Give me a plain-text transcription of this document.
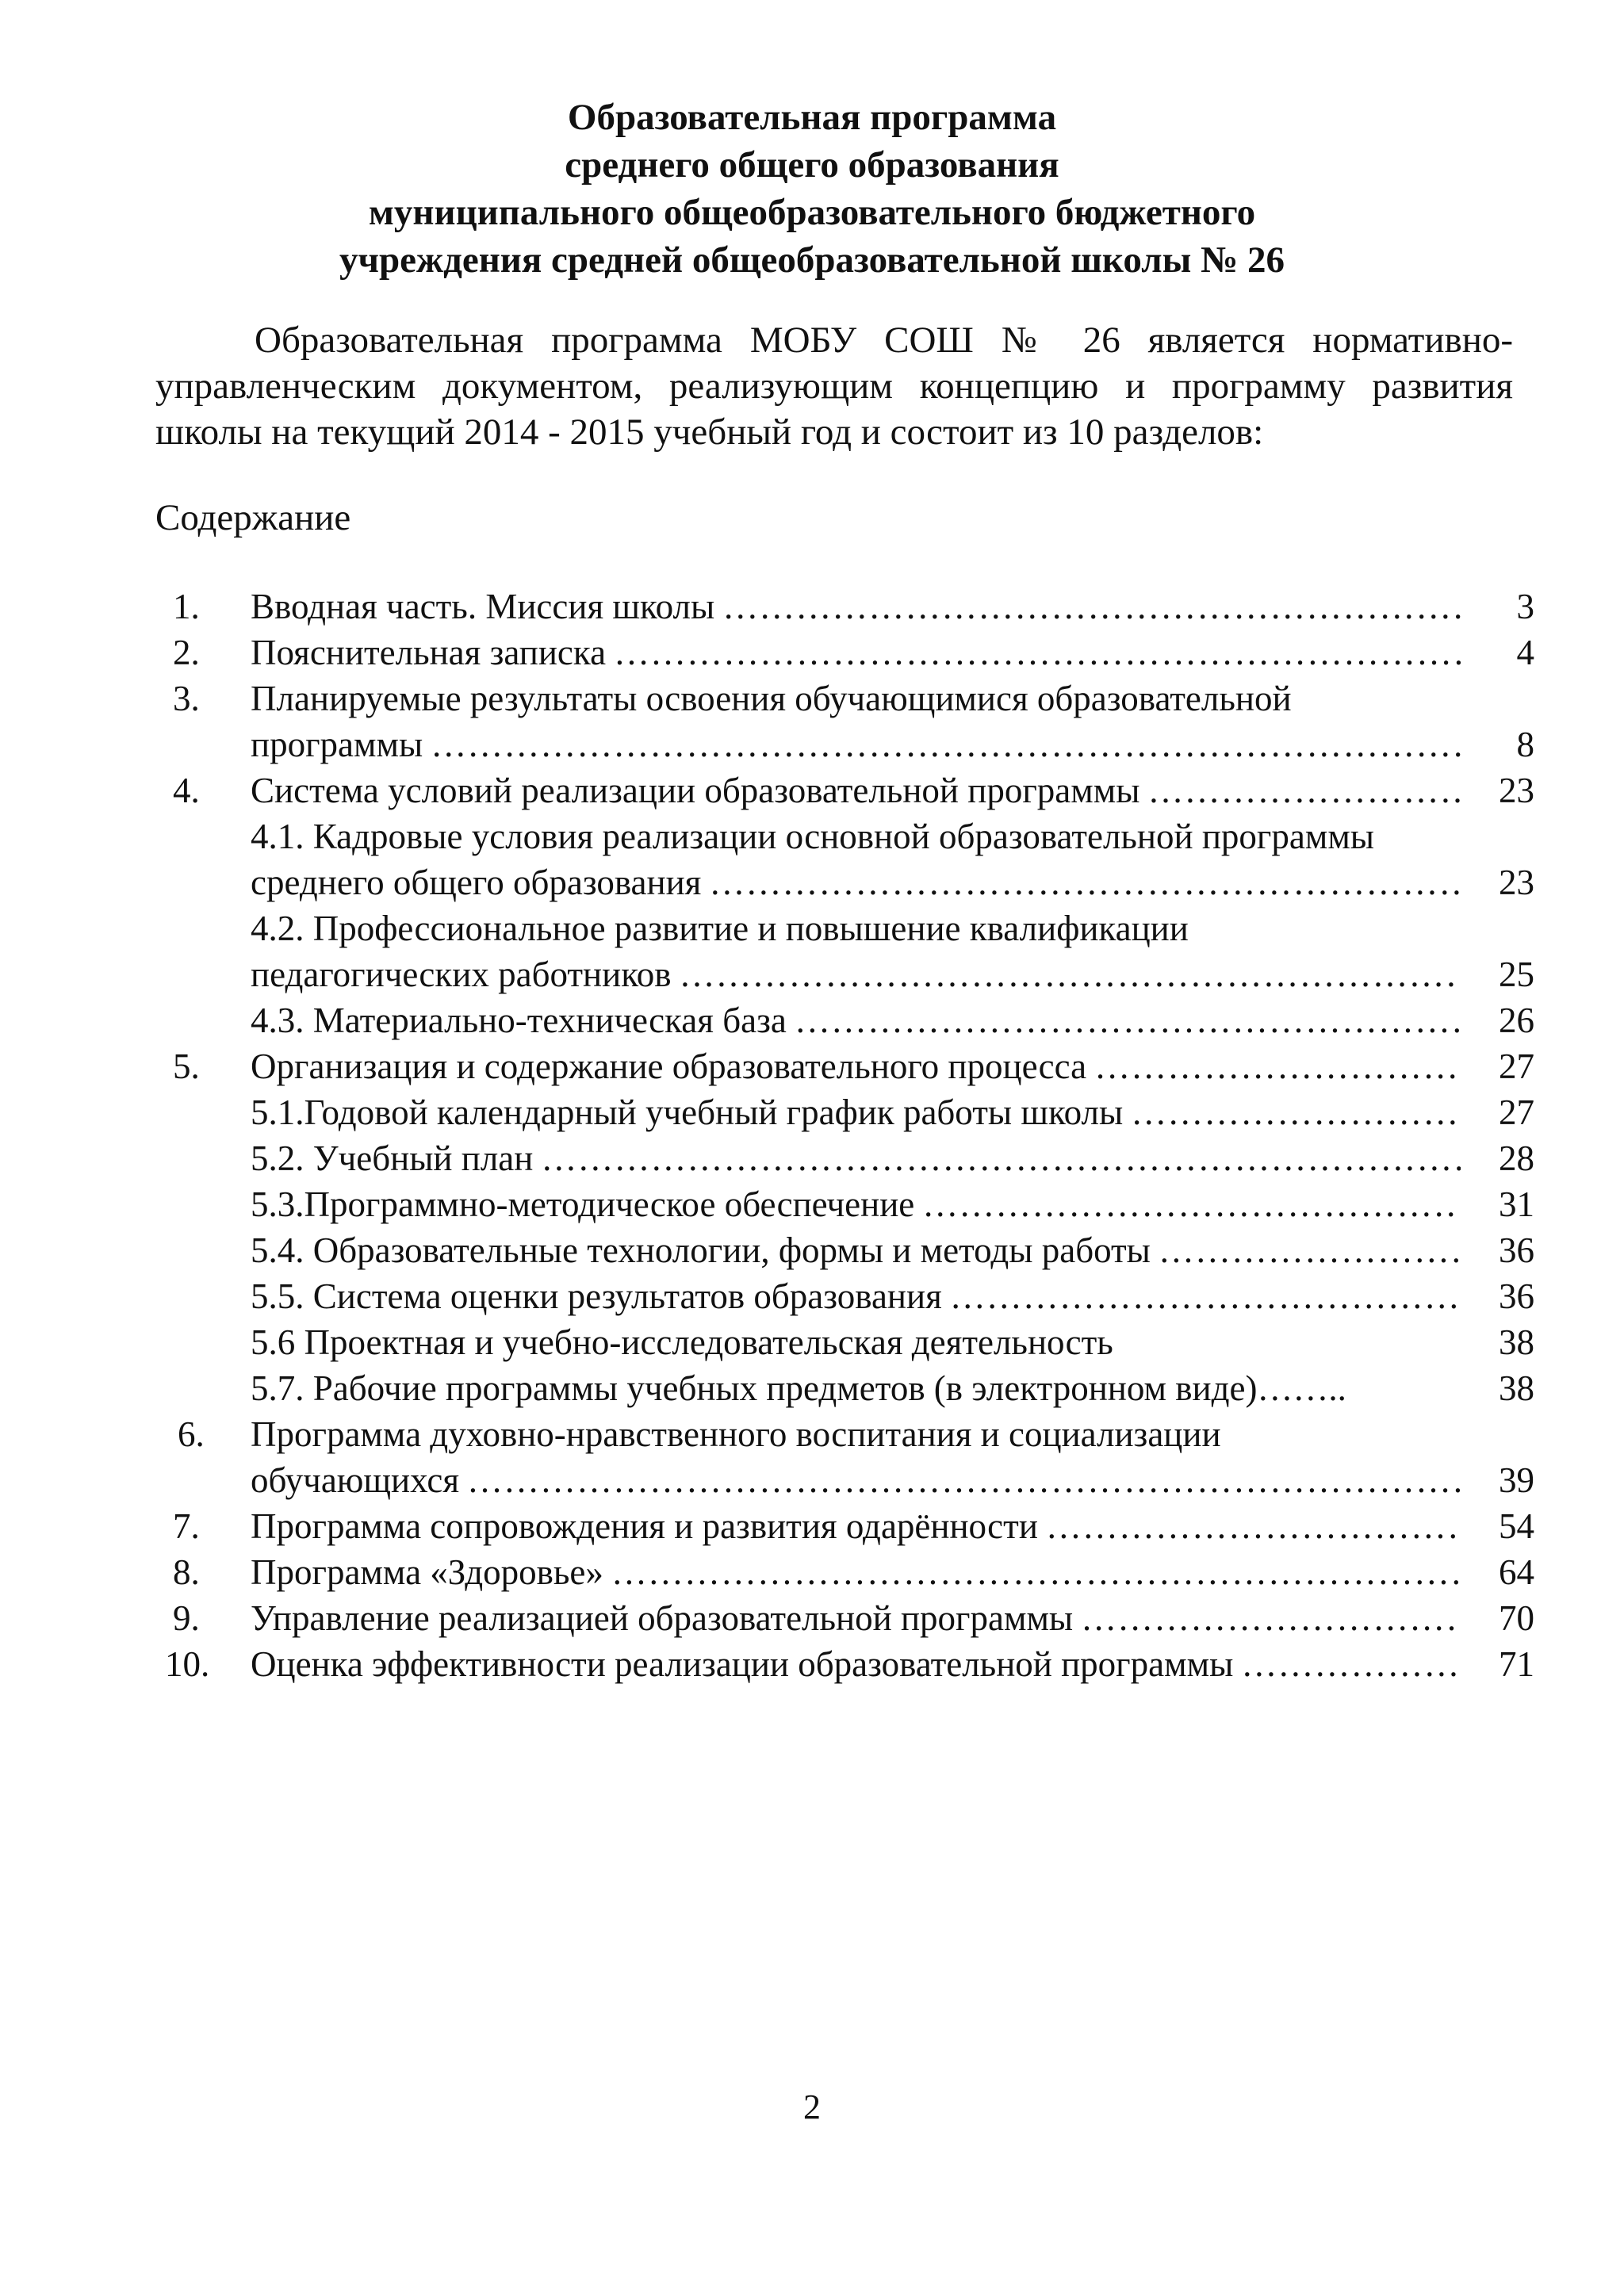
Образовательная программа
среднего общего образования
муниципального общеобразовательного бюджетного
учреждения средней общеобразовательной школы № 26
Образовательная программа МОБУ СОШ № 26 является нормативно-
управленческим документом, реализующим концепцию и программу развития
школы на текущий 2014 - 2015 учебный год и состоит из 10 разделов:
Содержание
1. Вводная часть. Миссия школы …………………………………………………………………………………………………………………………………………………………………………………………………………………………	3
2. Пояснительная записка …………………………………………………………………………………………………………………………………………………………………………………………………………………………	4
3. Планируемые результаты освоения обучающимися образовательной
программы …………………………………………………………………………………………………………………………………………………………………………………………………………………………	8
4. Система условий реализации образовательной программы …………………………………………………………………………………………………………………………………………………………………………………………………………………………	23
4.1. Кадровые условия реализации основной образовательной программы
среднего общего образования …………………………………………………………………………………………………………………………………………………………………………………………………………………………	23
4.2. Профессиональное развитие и повышение квалификации
педагогических работников …………………………………………………………………………………………………………………………………………………………………………………………………………………………	25
4.3. Материально-техническая база …………………………………………………………………………………………………………………………………………………………………………………………………………………………	26
5. Организация и содержание образовательного процесса …………………………………………………………………………………………………………………………………………………………………………………………………………………………	27
5.1.Годовой календарный учебный график работы школы …………………………………………………………………………………………………………………………………………………………………………………………………………………………	27
5.2. Учебный план …………………………………………………………………………………………………………………………………………………………………………………………………………………………	28
5.3.Программно-методическое обеспечение …………………………………………………………………………………………………………………………………………………………………………………………………………………………	31
5.4. Образовательные технологии, формы и методы работы …………………………………………………………………………………………………………………………………………………………………………………………………………………………	36
5.5. Система оценки результатов образования …………………………………………………………………………………………………………………………………………………………………………………………………………………………	36
5.6 Проектная и учебно-исследовательская деятельность	38
5.7. Рабочие программы учебных предметов (в электронном виде)……..	38
6. Программа духовно-нравственного воспитания и социализации
обучающихся …………………………………………………………………………………………………………………………………………………………………………………………………………………………	39
7. Программа сопровождения и развития одарённости …………………………………………………………………………………………………………………………………………………………………………………………………………………………	54
8. Программа «Здоровье» …………………………………………………………………………………………………………………………………………………………………………………………………………………………	64
9. Управление реализацией образовательной программы …………………………………………………………………………………………………………………………………………………………………………………………………………………………	70
10. Оценка эффективности реализации образовательной программы …………………………………………………………………………………………………………………………………………………………………………………………………………………………	71
2
